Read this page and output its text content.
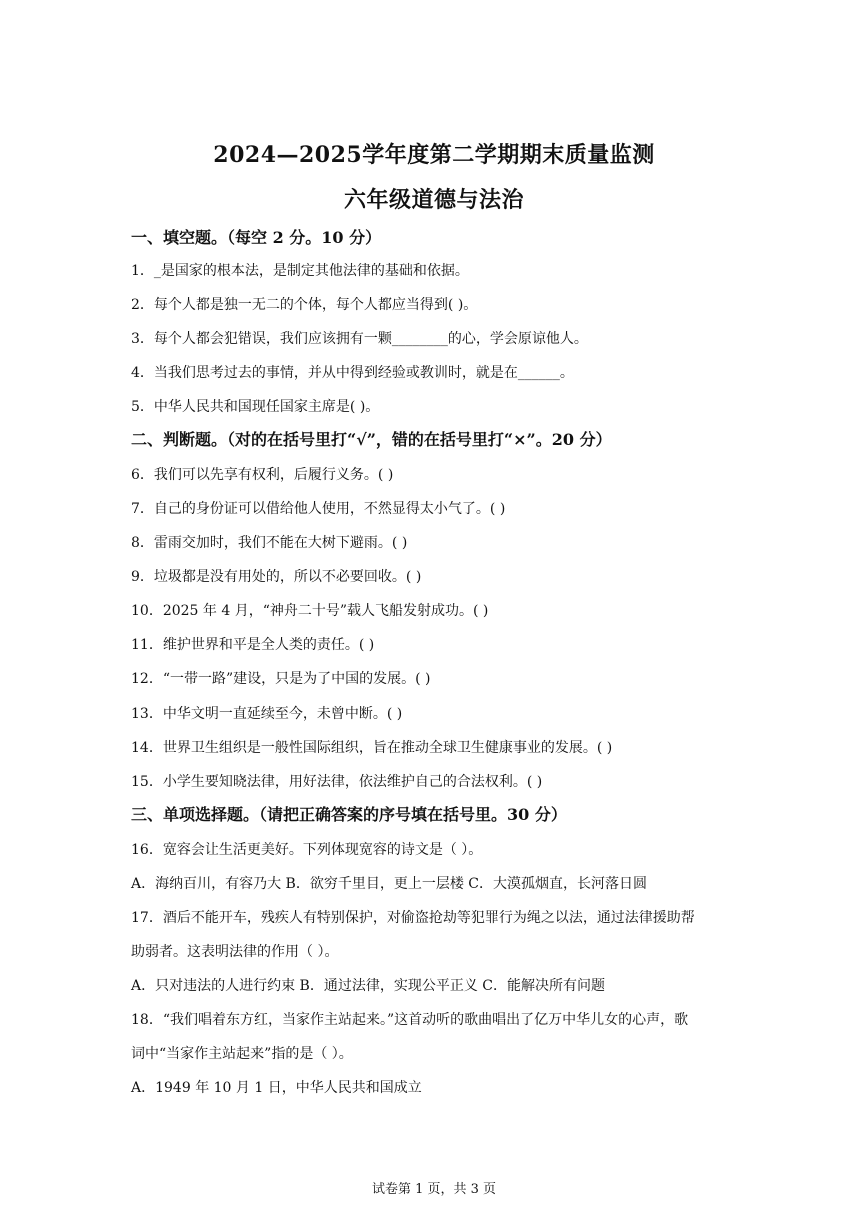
2024—2025学年度第二学期期末质量监测
六年级道德与法治
一、填空题。（每空 2 分。10 分）
1．_是国家的根本法，是制定其他法律的基础和依据。
2．每个人都是独一无二的个体，每个人都应当得到( )。
3．每个人都会犯错误，我们应该拥有一颗________的心，学会原谅他人。
4．当我们思考过去的事情，并从中得到经验或教训时，就是在______。
5．中华人民共和国现任国家主席是( )。
二、判断题。（对的在括号里打“√”，错的在括号里打“×”。20 分）
6．我们可以先享有权利，后履行义务。( )
7．自己的身份证可以借给他人使用，不然显得太小气了。( )
8．雷雨交加时，我们不能在大树下避雨。( )
9．垃圾都是没有用处的，所以不必要回收。( )
10．2025 年 4 月，“神舟二十号”载人飞船发射成功。( )
11．维护世界和平是全人类的责任。( )
12．“一带一路”建设，只是为了中国的发展。( )
13．中华文明一直延续至今，未曾中断。( )
14．世界卫生组织是一般性国际组织，旨在推动全球卫生健康事业的发展。( )
15．小学生要知晓法律，用好法律，依法维护自己的合法权利。( )
三、单项选择题。（请把正确答案的序号填在括号里。30 分）
16．宽容会让生活更美好。下列体现宽容的诗文是（ ）。
A．海纳百川，有容乃大 B．欲穷千里目，更上一层楼 C．大漠孤烟直，长河落日圆
17．酒后不能开车，残疾人有特别保护，对偷盗抢劫等犯罪行为绳之以法，通过法律援助帮
助弱者。这表明法律的作用（ ）。
A．只对违法的人进行约束 B．通过法律，实现公平正义 C．能解决所有问题
18．“我们唱着东方红，当家作主站起来。”这首动听的歌曲唱出了亿万中华儿女的心声，歌
词中“当家作主站起来”指的是（ ）。
A．1949 年 10 月 1 日，中华人民共和国成立
试卷第 1 页，共 3 页
